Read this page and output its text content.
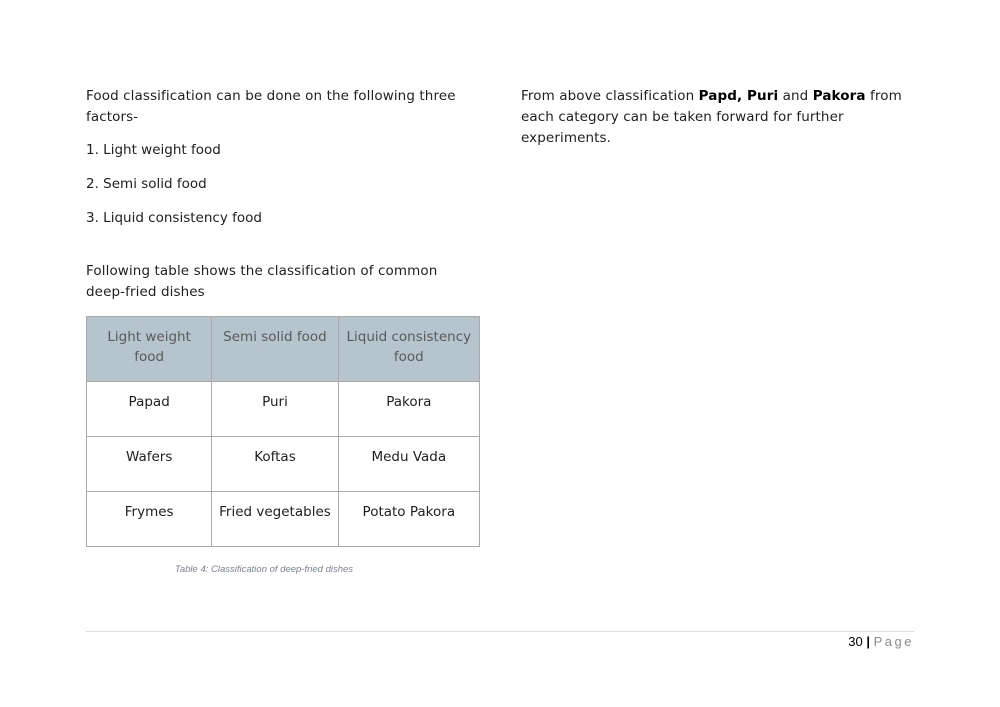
Food classification can be done on the following three factors-

1. Light weight food

2. Semi solid food

3. Liquid consistency food

Following table shows the classification of common deep-fried dishes

Light weight food	Semi solid food	Liquid consistency food
Papad	Puri	Pakora
Wafers	Koftas	Medu Vada
Frymes	Fried vegetables	Potato Pakora
Table 4: Classification of deep-fried dishes

From above classification Papd, Puri and Pakora from each category can be taken forward for further experiments.

30 | Page
